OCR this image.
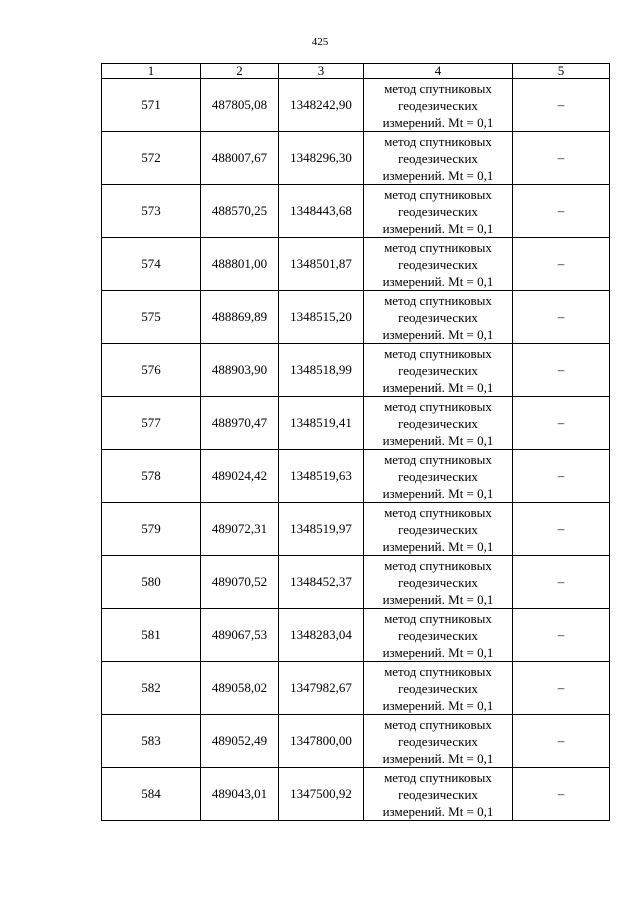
425
1	2	3	4	5
571	487805,08	1348242,90	метод спутниковых
геодезических
измерений. Mt = 0,1	–
572	488007,67	1348296,30	метод спутниковых
геодезических
измерений. Mt = 0,1	–
573	488570,25	1348443,68	метод спутниковых
геодезических
измерений. Mt = 0,1	–
574	488801,00	1348501,87	метод спутниковых
геодезических
измерений. Mt = 0,1	–
575	488869,89	1348515,20	метод спутниковых
геодезических
измерений. Mt = 0,1	–
576	488903,90	1348518,99	метод спутниковых
геодезических
измерений. Mt = 0,1	–
577	488970,47	1348519,41	метод спутниковых
геодезических
измерений. Mt = 0,1	–
578	489024,42	1348519,63	метод спутниковых
геодезических
измерений. Mt = 0,1	–
579	489072,31	1348519,97	метод спутниковых
геодезических
измерений. Mt = 0,1	–
580	489070,52	1348452,37	метод спутниковых
геодезических
измерений. Mt = 0,1	–
581	489067,53	1348283,04	метод спутниковых
геодезических
измерений. Mt = 0,1	–
582	489058,02	1347982,67	метод спутниковых
геодезических
измерений. Mt = 0,1	–
583	489052,49	1347800,00	метод спутниковых
геодезических
измерений. Mt = 0,1	–
584	489043,01	1347500,92	метод спутниковых
геодезических
измерений. Mt = 0,1	–
